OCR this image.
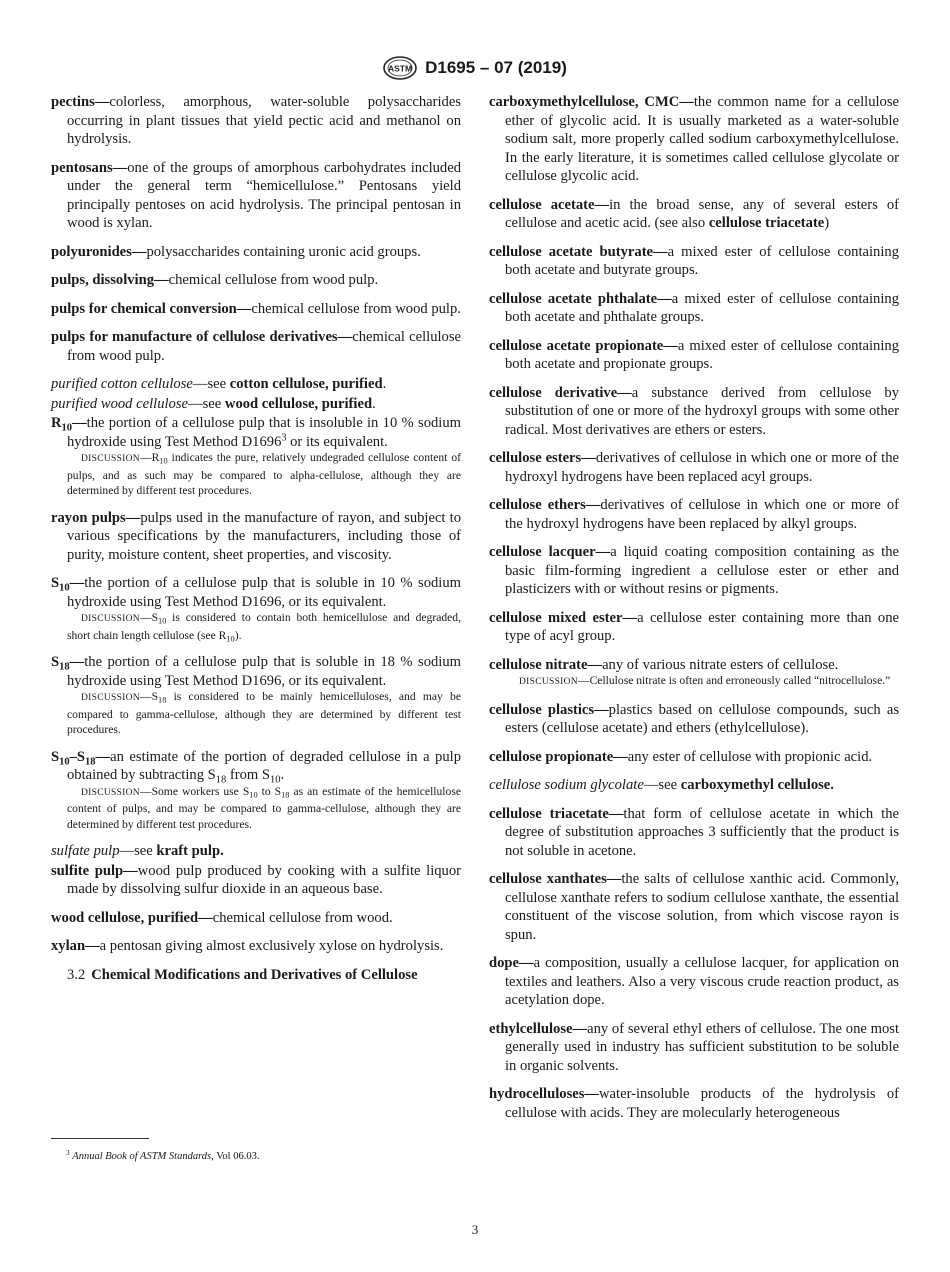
ASTM D1695 – 07 (2019)

pectins—colorless, amorphous, water-soluble polysaccharides occurring in plant tissues that yield pectic acid and methanol on hydrolysis.

pentosans—one of the groups of amorphous carbohydrates included under the general term “hemicellulose.” Pentosans yield principally pentoses on acid hydrolysis. The principal pentosan in wood is xylan.

polyuronides—polysaccharides containing uronic acid groups.

pulps, dissolving—chemical cellulose from wood pulp.

pulps for chemical conversion—chemical cellulose from wood pulp.

pulps for manufacture of cellulose derivatives—chemical cellulose from wood pulp.

purified cotton cellulose—see cotton cellulose, purified.

purified wood cellulose—see wood cellulose, purified.

$R_{10}—the$ portion of a cellulose pulp that is insoluble in 10 % sodium hydroxide using Test Method D1696$^3$ or its equivalent.

$DISCUSSION—R_{10}$ indicates the pure, relatively undegraded cellulose content of pulps, and as such may be compared to alpha-cellulose, although they are determined by different test procedures.

rayon pulps—pulps used in the manufacture of rayon, and subject to various specifications by the manufacturers, including those of purity, moisture content, sheet properties, and viscosity.

$S_{10}—the$ portion of a cellulose pulp that is soluble in 10 % sodium hydroxide using Test Method D1696, or its equivalent.

$DISCUSSION—S_{10}$ is considered to contain both hemicellulose and degraded, short chain length cellulose (see $R_{10}$).

$S_{18}—the$ portion of a cellulose pulp that is soluble in 18 % sodium hydroxide using Test Method D1696, or its equivalent.

$DISCUSSION—S_{18}$ is considered to be mainly hemicelluloses, and may be compared to gamma-cellulose, although they are determined by different test procedures.

$S_{10}-S_{18}—an$ estimate of the portion of degraded cellulose in a pulp obtained by subtracting $S_{18}$ from $S_{10}$.

DISCUSSION—Some workers use $S_{10}$ to $S_{18}$ as an estimate of the hemicellulose content of pulps, and may be compared to gamma-cellulose, although they are determined by different test procedures.

sulfate pulp—see kraft pulp.

sulfite pulp—wood pulp produced by cooking with a sulfite liquor made by dissolving sulfur dioxide in an aqueous base.

wood cellulose, purified—chemical cellulose from wood.

xylan—a pentosan giving almost exclusively xylose on hydrolysis.

3.2 Chemical Modifications and Derivatives of Cellulose

carboxymethylcellulose, CMC—the common name for a cellulose ether of glycolic acid. It is usually marketed as a water-soluble sodium salt, more properly called sodium carboxymethylcellulose. In the early literature, it is sometimes called cellulose glycolate or cellulose glycolic acid.

cellulose acetate—in the broad sense, any of several esters of cellulose and acetic acid. (see also cellulose triacetate)

cellulose acetate butyrate—a mixed ester of cellulose containing both acetate and butyrate groups.

cellulose acetate phthalate—a mixed ester of cellulose containing both acetate and phthalate groups.

cellulose acetate propionate—a mixed ester of cellulose containing both acetate and propionate groups.

cellulose derivative—a substance derived from cellulose by substitution of one or more of the hydroxyl groups with some other radical. Most derivatives are ethers or esters.

cellulose esters—derivatives of cellulose in which one or more of the hydroxyl hydrogens have been replaced acyl groups.

cellulose ethers—derivatives of cellulose in which one or more of the hydroxyl hydrogens have been replaced by alkyl groups.

cellulose lacquer—a liquid coating composition containing as the basic film-forming ingredient a cellulose ester or ether and plasticizers with or without resins or pigments.

cellulose mixed ester—a cellulose ester containing more than one type of acyl group.

cellulose nitrate—any of various nitrate esters of cellulose.

DISCUSSION—Cellulose nitrate is often and erroneously called “nitrocellulose.”

cellulose plastics—plastics based on cellulose compounds, such as esters (cellulose acetate) and ethers (ethylcellulose).

cellulose propionate—any ester of cellulose with propionic acid.

cellulose sodium glycolate—see carboxymethyl cellulose.

cellulose triacetate—that form of cellulose acetate in which the degree of substitution approaches 3 sufficiently that the product is not soluble in acetone.

cellulose xanthates—the salts of cellulose xanthic acid. Commonly, cellulose xanthate refers to sodium cellulose xanthate, the essential constituent of the viscose solution, from which viscose rayon is spun.

dope—a composition, usually a cellulose lacquer, for application on textiles and leathers. Also a very viscous crude reaction product, as acetylation dope.

ethylcellulose—any of several ethyl ethers of cellulose. The one most generally used in industry has sufficient substitution to be soluble in organic solvents.

hydrocelluloses—water-insoluble products of the hydrolysis of cellulose with acids. They are molecularly heterogeneous

$^3$ Annual Book of ASTM Standards, Vol 06.03.
3
